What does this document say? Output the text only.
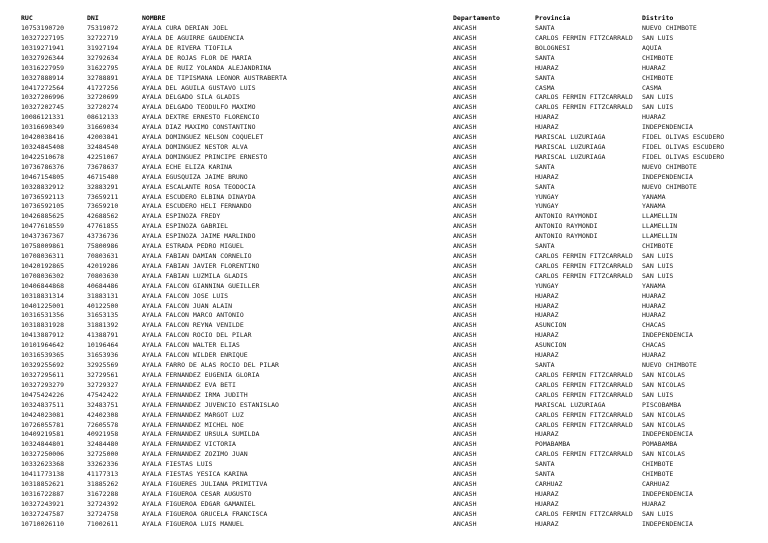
RUC	DNI	NOMBRE	Departamento	Provincia	Distrito
10753190720	75319072	AYALA CURA DERIAN JOEL	ANCASH	SANTA	NUEVO CHIMBOTE
10327227195	32722719	AYALA DE AGUIRRE GAUDENCIA	ANCASH	CARLOS FERMIN FITZCARRALD	SAN LUIS
10319271941	31927194	AYALA DE RIVERA TIOFILA	ANCASH	BOLOGNESI	AQUIA
10327926344	32792634	AYALA DE ROJAS FLOR DE MARIA	ANCASH	SANTA	CHIMBOTE
10316227959	31622795	AYALA DE RUIZ YOLANDA ALEJANDRINA	ANCASH	HUARAZ	HUARAZ
10327888914	32788891	AYALA DE TIPISMANA LEONOR AUSTRABERTA	ANCASH	SANTA	CHIMBOTE
10417272564	41727256	AYALA DEL AGUILA GUSTAVO LUIS	ANCASH	CASMA	CASMA
10327206996	32720699	AYALA DELGADO SILA GLADIS	ANCASH	CARLOS FERMIN FITZCARRALD	SAN LUIS
10327202745	32720274	AYALA DELGADO TEODULFO MAXIMO	ANCASH	CARLOS FERMIN FITZCARRALD	SAN LUIS
10086121331	08612133	AYALA DEXTRE ERNESTO FLORENCIO	ANCASH	HUARAZ	HUARAZ
10316690349	31669034	AYALA DIAZ MAXIMO CONSTANTINO	ANCASH	HUARAZ	INDEPENDENCIA
10420038416	42003841	AYALA DOMINGUEZ NELSON COQUELET	ANCASH	MARISCAL LUZURIAGA	FIDEL OLIVAS ESCUDERO
10324845408	32484540	AYALA DOMINGUEZ NESTOR ALVA	ANCASH	MARISCAL LUZURIAGA	FIDEL OLIVAS ESCUDERO
10422510678	42251067	AYALA DOMINGUEZ PRINCIPE ERNESTO	ANCASH	MARISCAL LUZURIAGA	FIDEL OLIVAS ESCUDERO
10736786376	73678637	AYALA ECHE ELIZA KARINA	ANCASH	SANTA	NUEVO CHIMBOTE
10467154805	46715480	AYALA EGUSQUIZA JAIME BRUNO	ANCASH	HUARAZ	INDEPENDENCIA
10328832912	32883291	AYALA ESCALANTE ROSA TEODOCIA	ANCASH	SANTA	NUEVO CHIMBOTE
10736592113	73659211	AYALA ESCUDERO ELBINA DINAYDA	ANCASH	YUNGAY	YANAMA
10736592105	73659210	AYALA ESCUDERO HELI FERNANDO	ANCASH	YUNGAY	YANAMA
10426885625	42688562	AYALA ESPINOZA FREDY	ANCASH	ANTONIO RAYMONDI	LLAMELLIN
10477618559	47761855	AYALA ESPINOZA GABRIEL	ANCASH	ANTONIO RAYMONDI	LLAMELLIN
10437367367	43736736	AYALA ESPINOZA JAIME MARLINDO	ANCASH	ANTONIO RAYMONDI	LLAMELLIN
10758009861	75800986	AYALA ESTRADA PEDRO MIGUEL	ANCASH	SANTA	CHIMBOTE
10708036311	70803631	AYALA FABIAN DAMIAN CORNELIO	ANCASH	CARLOS FERMIN FITZCARRALD	SAN LUIS
10420192865	42019286	AYALA FABIAN JAVIER FLORENTINO	ANCASH	CARLOS FERMIN FITZCARRALD	SAN LUIS
10708036302	70803630	AYALA FABIAN LUZMILA GLADIS	ANCASH	CARLOS FERMIN FITZCARRALD	SAN LUIS
10406844868	40684486	AYALA FALCON GIANNINA GUEILLER	ANCASH	YUNGAY	YANAMA
10318831314	31883131	AYALA FALCON JOSE LUIS	ANCASH	HUARAZ	HUARAZ
10401225001	40122500	AYALA FALCON JUAN ALAIN	ANCASH	HUARAZ	HUARAZ
10316531356	31653135	AYALA FALCON MARCO ANTONIO	ANCASH	HUARAZ	HUARAZ
10318831928	31881392	AYALA FALCON REYNA VENILDE	ANCASH	ASUNCION	CHACAS
10413887912	41388791	AYALA FALCON ROCIO DEL PILAR	ANCASH	HUARAZ	INDEPENDENCIA
10101964642	10196464	AYALA FALCON WALTER ELIAS	ANCASH	ASUNCION	CHACAS
10316539365	31653936	AYALA FALCON WILDER ENRIQUE	ANCASH	HUARAZ	HUARAZ
10329255692	32925569	AYALA FARRO DE ALAS ROCIO DEL PILAR	ANCASH	SANTA	NUEVO CHIMBOTE
10327295611	32729561	AYALA FERNANDEZ EUGENIA GLORIA	ANCASH	CARLOS FERMIN FITZCARRALD	SAN NICOLAS
10327293279	32729327	AYALA FERNANDEZ EVA BETI	ANCASH	CARLOS FERMIN FITZCARRALD	SAN NICOLAS
10475424226	47542422	AYALA FERNANDEZ IRMA JUDITH	ANCASH	CARLOS FERMIN FITZCARRALD	SAN LUIS
10324837511	32483751	AYALA FERNANDEZ JUVENCIO ESTANISLAO	ANCASH	MARISCAL LUZURIAGA	PISCOBAMBA
10424023081	42402308	AYALA FERNANDEZ MARGOT LUZ	ANCASH	CARLOS FERMIN FITZCARRALD	SAN NICOLAS
10726055781	72605578	AYALA FERNANDEZ MICHEL NOE	ANCASH	CARLOS FERMIN FITZCARRALD	SAN NICOLAS
10409219581	40921958	AYALA FERNANDEZ URSULA SUMILDA	ANCASH	HUARAZ	INDEPENDENCIA
10324844801	32484480	AYALA FERNANDEZ VICTORIA	ANCASH	POMABAMBA	POMABAMBA
10327250006	32725000	AYALA FERNANDEZ ZOZIMO JUAN	ANCASH	CARLOS FERMIN FITZCARRALD	SAN NICOLAS
10332623368	33262336	AYALA FIESTAS LUIS	ANCASH	SANTA	CHIMBOTE
10411773138	41177313	AYALA FIESTAS YESICA KARINA	ANCASH	SANTA	CHIMBOTE
10318852621	31885262	AYALA FIGUERES JULIANA PRIMITIVA	ANCASH	CARHUAZ	CARHUAZ
10316722887	31672288	AYALA FIGUEROA CESAR AUGUSTO	ANCASH	HUARAZ	INDEPENDENCIA
10327243921	32724392	AYALA FIGUEROA EDGAR GAMANIEL	ANCASH	HUARAZ	HUARAZ
10327247587	32724758	AYALA FIGUEROA GRUCELA FRANCISCA	ANCASH	CARLOS FERMIN FITZCARRALD	SAN LUIS
10710026110	71002611	AYALA FIGUEROA LUIS MANUEL	ANCASH	HUARAZ	INDEPENDENCIA
